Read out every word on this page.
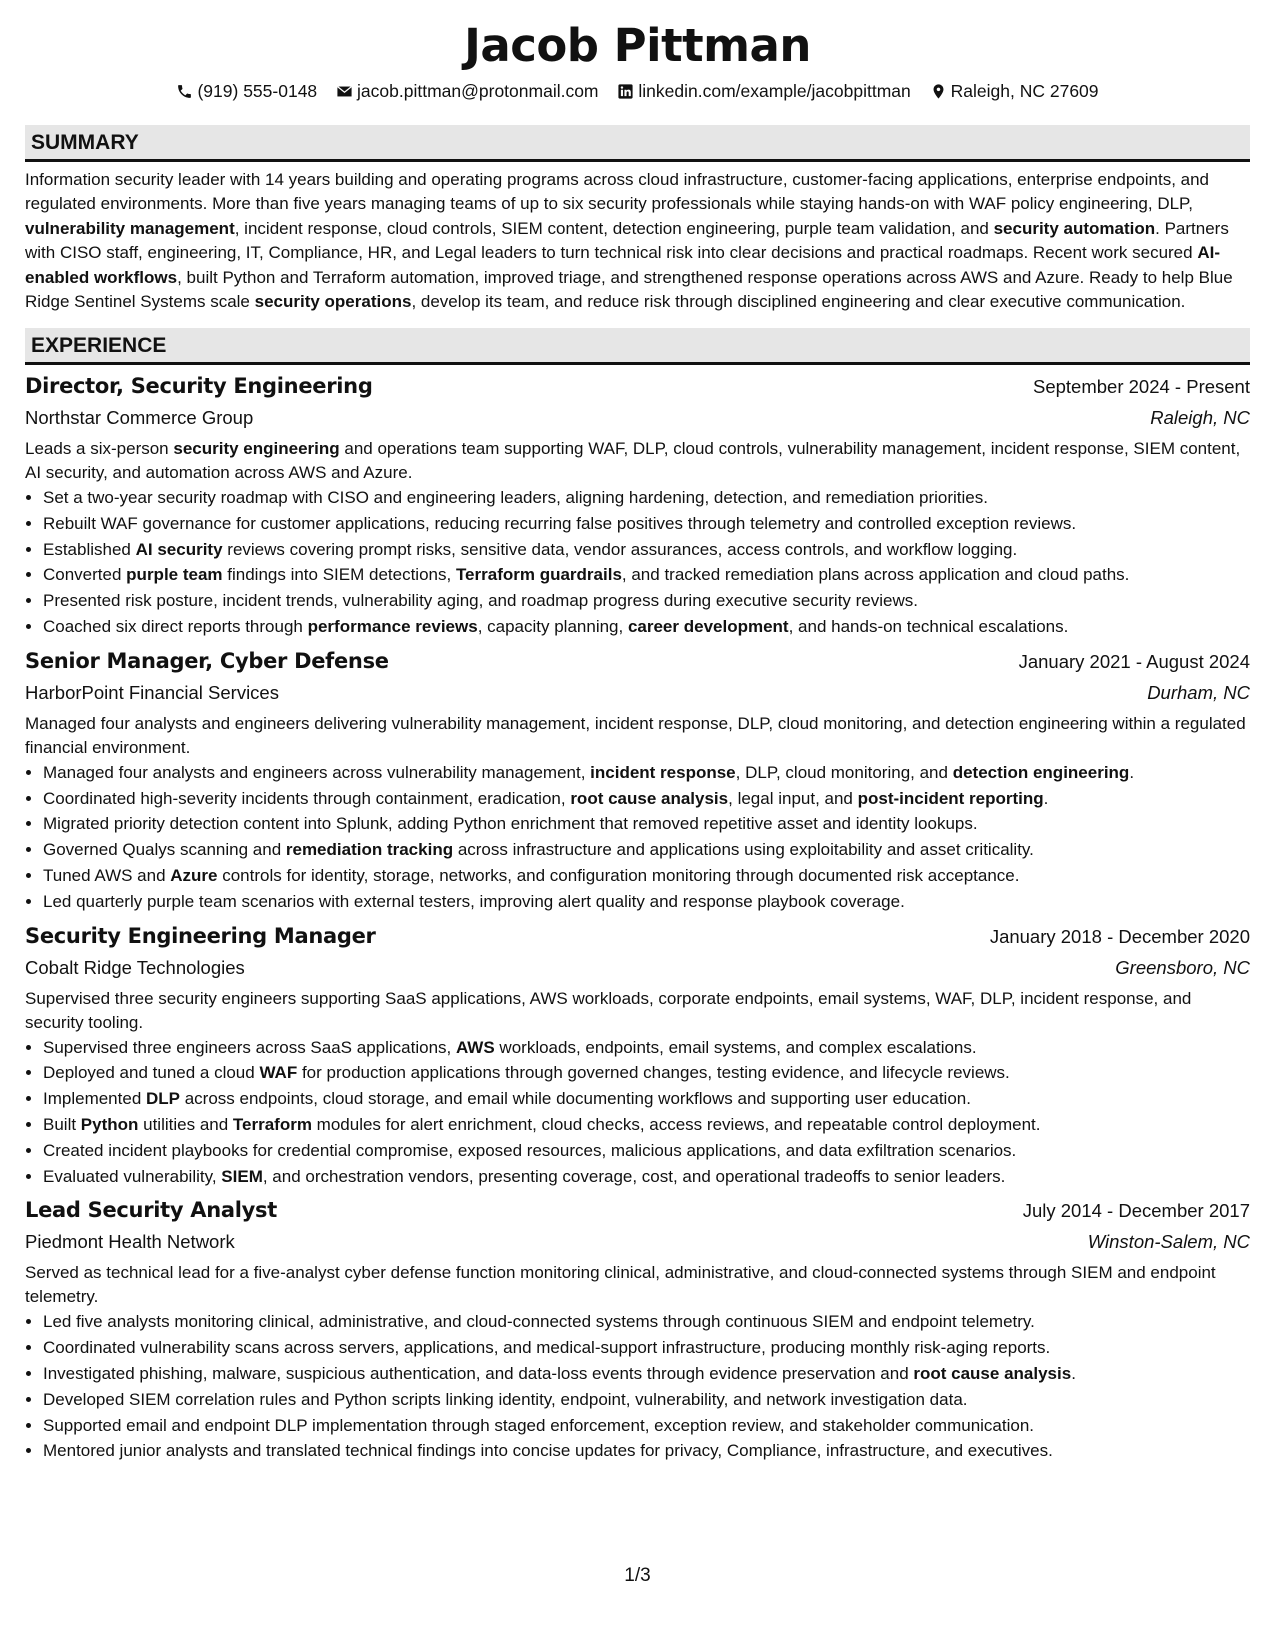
Jacob Pittman
(919) 555-0148
jacob.pittman@protonmail.com
linkedin.com/example/jacobpittman
Raleigh, NC 27609
SUMMARY
Information security leader with 14 years building and operating programs across cloud infrastructure, customer-facing applications, enterprise endpoints, and regulated environments. More than five years managing teams of up to six security professionals while staying hands-on with WAF policy engineering, DLP, vulnerability management, incident response, cloud controls, SIEM content, detection engineering, purple team validation, and security automation. Partners with CISO staff, engineering, IT, Compliance, HR, and Legal leaders to turn technical risk into clear decisions and practical roadmaps. Recent work secured AI-enabled workflows, built Python and Terraform automation, improved triage, and strengthened response operations across AWS and Azure. Ready to help Blue Ridge Sentinel Systems scale security operations, develop its team, and reduce risk through disciplined engineering and clear executive communication.
EXPERIENCE
Director, Security Engineering	September 2024 - Present
Northstar Commerce Group	Raleigh, NC
Leads a six-person security engineering and operations team supporting WAF, DLP, cloud controls, vulnerability management, incident response, SIEM content, AI security, and automation across AWS and Azure.
• Set a two-year security roadmap with CISO and engineering leaders, aligning hardening, detection, and remediation priorities.
• Rebuilt WAF governance for customer applications, reducing recurring false positives through telemetry and controlled exception reviews.
• Established AI security reviews covering prompt risks, sensitive data, vendor assurances, access controls, and workflow logging.
• Converted purple team findings into SIEM detections, Terraform guardrails, and tracked remediation plans across application and cloud paths.
• Presented risk posture, incident trends, vulnerability aging, and roadmap progress during executive security reviews.
• Coached six direct reports through performance reviews, capacity planning, career development, and hands-on technical escalations.
Senior Manager, Cyber Defense	January 2021 - August 2024
HarborPoint Financial Services	Durham, NC
Managed four analysts and engineers delivering vulnerability management, incident response, DLP, cloud monitoring, and detection engineering within a regulated financial environment.
• Managed four analysts and engineers across vulnerability management, incident response, DLP, cloud monitoring, and detection engineering.
• Coordinated high-severity incidents through containment, eradication, root cause analysis, legal input, and post-incident reporting.
• Migrated priority detection content into Splunk, adding Python enrichment that removed repetitive asset and identity lookups.
• Governed Qualys scanning and remediation tracking across infrastructure and applications using exploitability and asset criticality.
• Tuned AWS and Azure controls for identity, storage, networks, and configuration monitoring through documented risk acceptance.
• Led quarterly purple team scenarios with external testers, improving alert quality and response playbook coverage.
Security Engineering Manager	January 2018 - December 2020
Cobalt Ridge Technologies	Greensboro, NC
Supervised three security engineers supporting SaaS applications, AWS workloads, corporate endpoints, email systems, WAF, DLP, incident response, and security tooling.
• Supervised three engineers across SaaS applications, AWS workloads, endpoints, email systems, and complex escalations.
• Deployed and tuned a cloud WAF for production applications through governed changes, testing evidence, and lifecycle reviews.
• Implemented DLP across endpoints, cloud storage, and email while documenting workflows and supporting user education.
• Built Python utilities and Terraform modules for alert enrichment, cloud checks, access reviews, and repeatable control deployment.
• Created incident playbooks for credential compromise, exposed resources, malicious applications, and data exfiltration scenarios.
• Evaluated vulnerability, SIEM, and orchestration vendors, presenting coverage, cost, and operational tradeoffs to senior leaders.
Lead Security Analyst	July 2014 - December 2017
Piedmont Health Network	Winston-Salem, NC
Served as technical lead for a five-analyst cyber defense function monitoring clinical, administrative, and cloud-connected systems through SIEM and endpoint telemetry.
• Led five analysts monitoring clinical, administrative, and cloud-connected systems through continuous SIEM and endpoint telemetry.
• Coordinated vulnerability scans across servers, applications, and medical-support infrastructure, producing monthly risk-aging reports.
• Investigated phishing, malware, suspicious authentication, and data-loss events through evidence preservation and root cause analysis.
• Developed SIEM correlation rules and Python scripts linking identity, endpoint, vulnerability, and network investigation data.
• Supported email and endpoint DLP implementation through staged enforcement, exception review, and stakeholder communication.
• Mentored junior analysts and translated technical findings into concise updates for privacy, Compliance, infrastructure, and executives.
1/3
